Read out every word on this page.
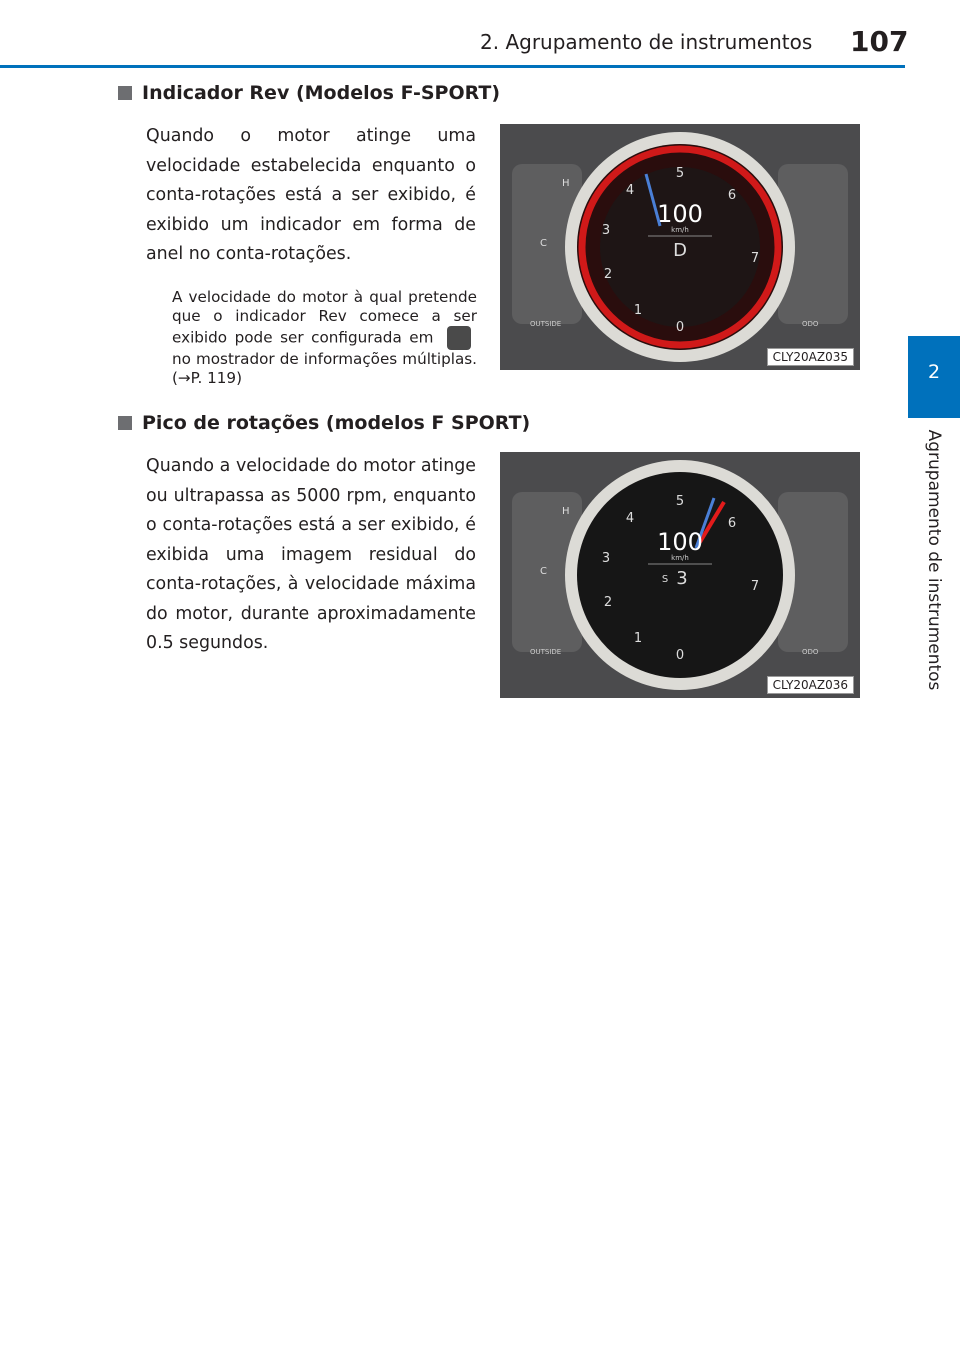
2. Agrupamento de instrumentos 107
2
Agrupamento de instrumentos
Indicador Rev (Modelos F-SPORT)
Quando o motor atinge uma velocidade estabelecida enquanto o conta-rotações está a ser exibido, é exibido um indicador em forma de anel no conta-rotações.
A velocidade do motor à qual pretende que o indicador Rev comece a ser exibido pode ser configurada em  no mostrador de informações múltiplas. (→P. 119)
H
C
OUTSIDE	ODO
0
1
2
3
4
5
6
7
100
km/h
D
CLY20AZ035
Pico de rotações (modelos F SPORT)
Quando a velocidade do motor atinge ou ultrapassa as 5000 rpm, enquanto o conta-rotações está a ser exibido, é exibida uma imagem residual do conta-rotações, à velocidade máxima do motor, durante aproximadamente 0.5 segundos.
H
C
OUTSIDE	ODO
0
1
2
3
4
5
6
7
100
km/h
S 3
CLY20AZ036
